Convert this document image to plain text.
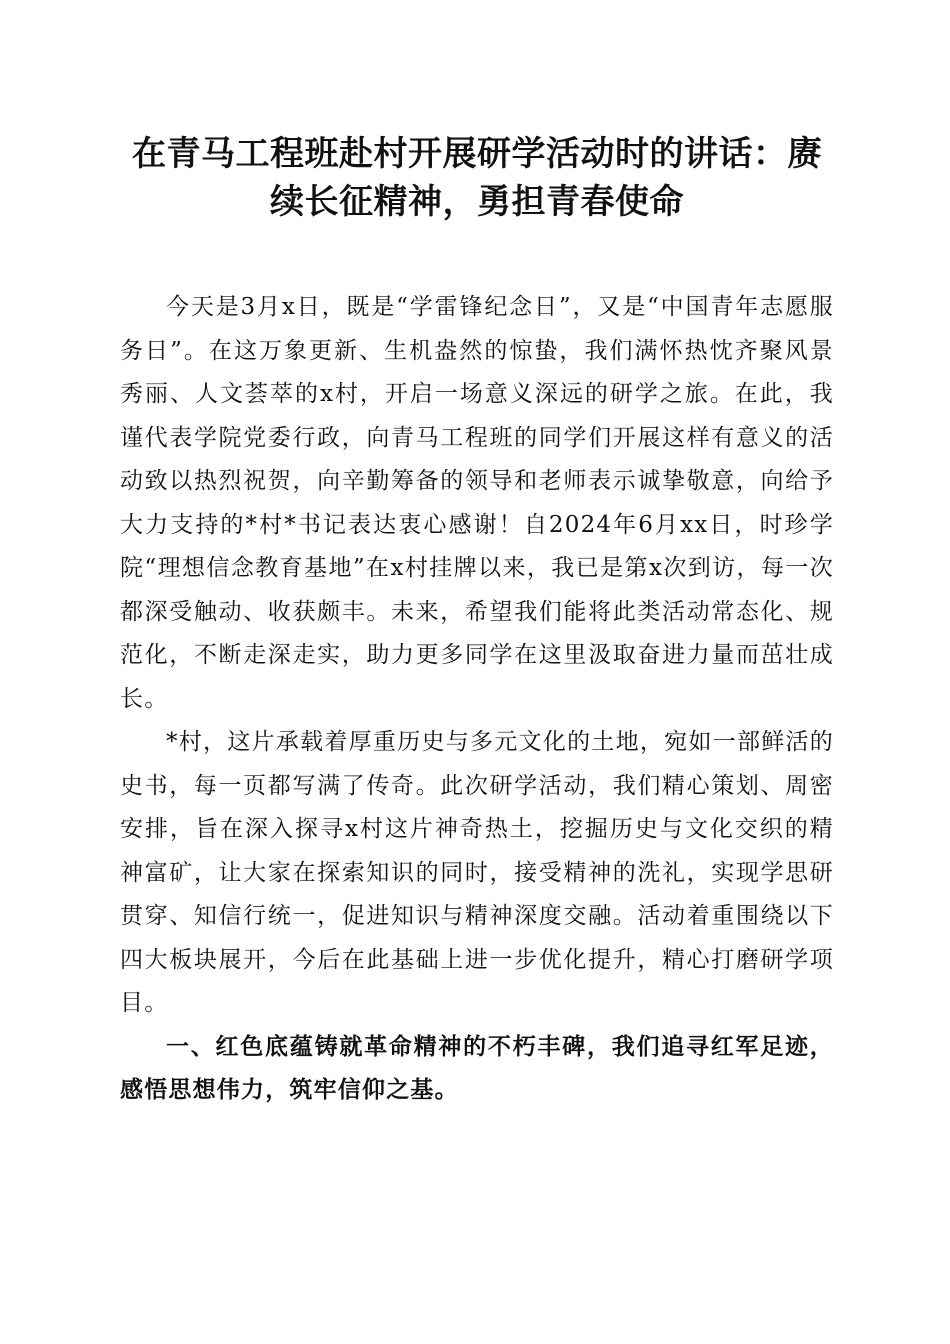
在青马工程班赴村开展研学活动时的讲话：赓续长征精神，勇担青春使命

今天是3月x日，既是“学雷锋纪念日”，又是“中国青年志愿服务日”。在这万象更新、生机盎然的惊蛰，我们满怀热忱齐聚风景秀丽、人文荟萃的x村，开启一场意义深远的研学之旅。在此，我谨代表学院党委行政，向青马工程班的同学们开展这样有意义的活动致以热烈祝贺，向辛勤筹备的领导和老师表示诚挚敬意，向给予大力支持的*村*书记表达衷心感谢！自2024年6月xx日，时珍学院“理想信念教育基地”在x村挂牌以来，我已是第x次到访，每一次都深受触动、收获颇丰。未来，希望我们能将此类活动常态化、规范化，不断走深走实，助力更多同学在这里汲取奋进力量而茁壮成长。

*村，这片承载着厚重历史与多元文化的土地，宛如一部鲜活的史书，每一页都写满了传奇。此次研学活动，我们精心策划、周密安排，旨在深入探寻x村这片神奇热土，挖掘历史与文化交织的精神富矿，让大家在探索知识的同时，接受精神的洗礼，实现学思研贯穿、知信行统一，促进知识与精神深度交融。活动着重围绕以下四大板块展开，今后在此基础上进一步优化提升，精心打磨研学项目。

一、红色底蕴铸就革命精神的不朽丰碑，我们追寻红军足迹，感悟思想伟力，筑牢信仰之基。
